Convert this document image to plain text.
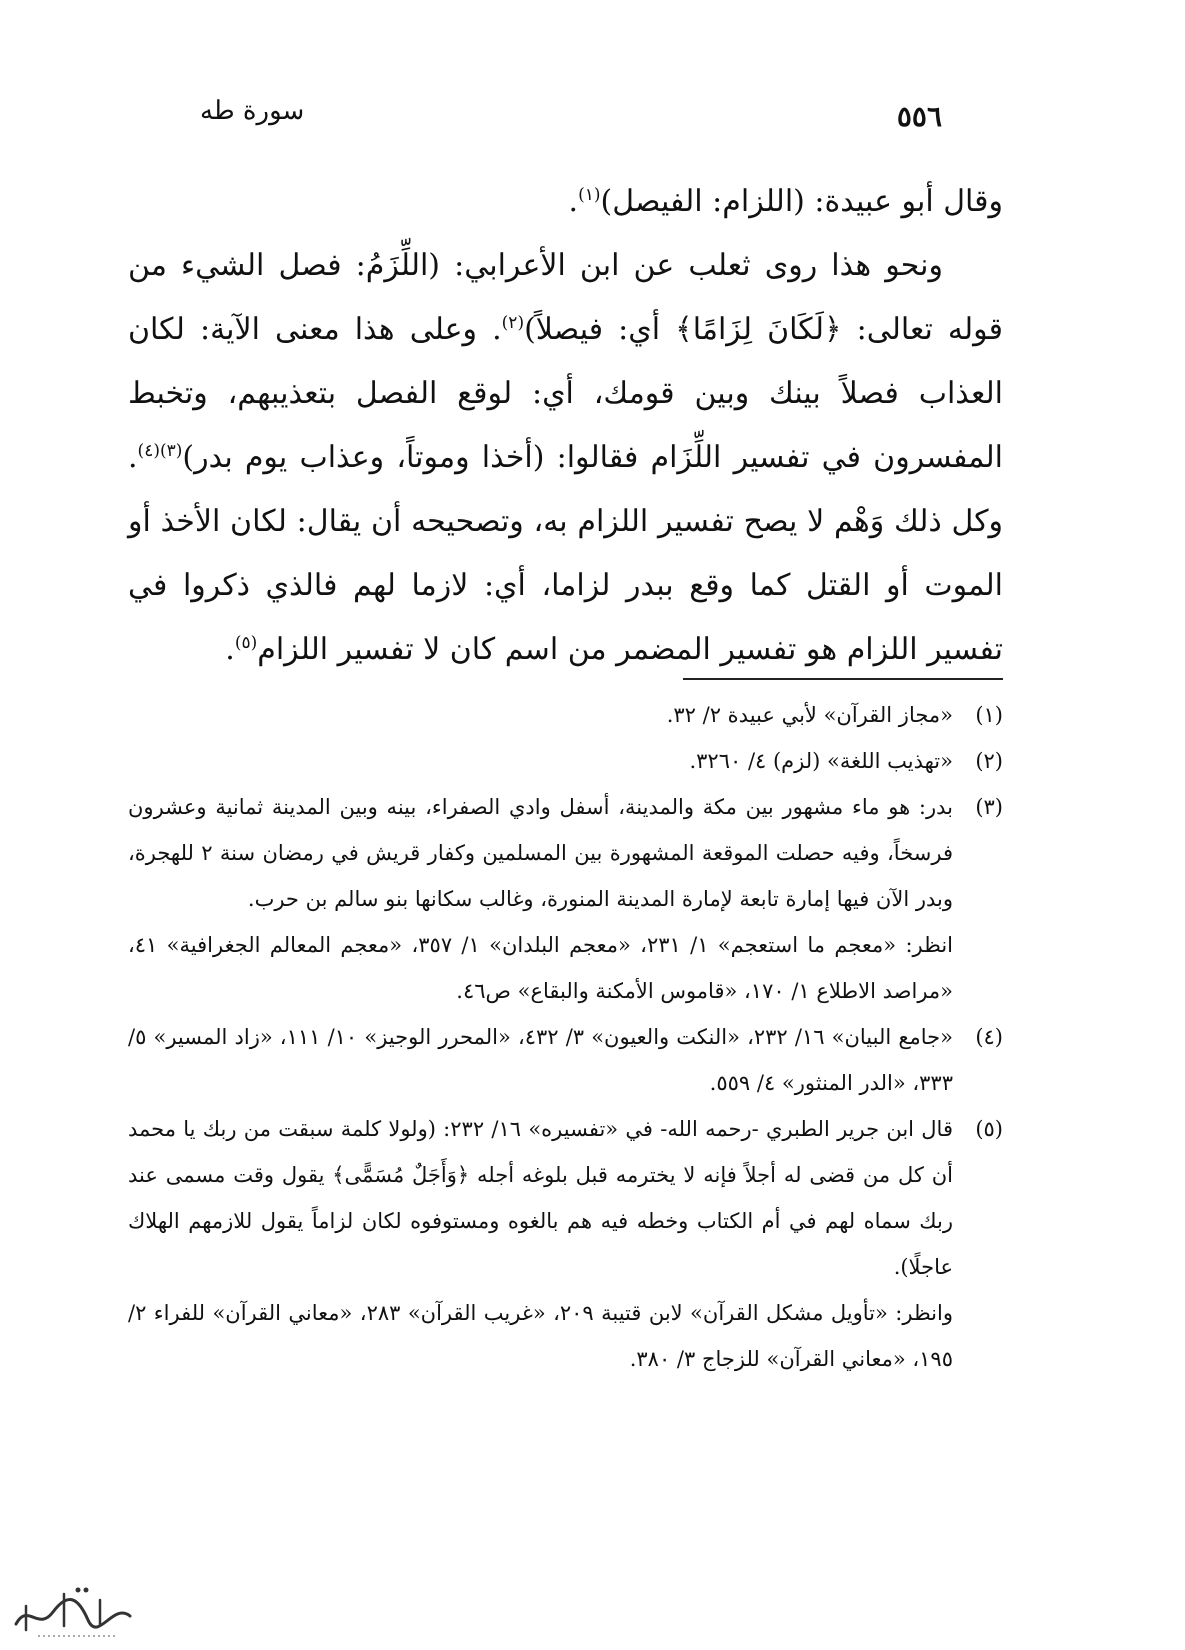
٥٥٦
سورة طه

وقال أبو عبيدة: (اللزام: الفيصل)$^{(١)}$.

ونحو هذا روى ثعلب عن ابن الأعرابي: (اللِّزَمُ: فصل الشيء من قوله تعالى: ﴿لَكَانَ لِزَامًا﴾ أي: فيصلاً)$^{(٢)}$. وعلى هذا معنى الآية: لكان العذاب فصلاً بينك وبين قومك، أي: لوقع الفصل بتعذيبهم، وتخبط المفسرون في تفسير اللِّزَام فقالوا: (أخذا وموتاً، وعذاب يوم بدر)$^{(٣)(٤)}$. وكل ذلك وَهْم لا يصح تفسير اللزام به، وتصحيحه أن يقال: لكان الأخذ أو الموت أو القتل كما وقع ببدر لزاما، أي: لازما لهم فالذي ذكروا في تفسير اللزام هو تفسير المضمر من اسم كان لا تفسير اللزام$^{(٥)}$.

(١)

«مجاز القرآن» لأبي عبيدة ٢/ ٣٢.

(٢)

«تهذيب اللغة» (لزم) ٤/ ٣٢٦٠.

(٣)

بدر: هو ماء مشهور بين مكة والمدينة، أسفل وادي الصفراء، بينه وبين المدينة ثمانية وعشرون فرسخاً، وفيه حصلت الموقعة المشهورة بين المسلمين وكفار قريش في رمضان سنة ٢ للهجرة، وبدر الآن فيها إمارة تابعة لإمارة المدينة المنورة، وغالب سكانها بنو سالم بن حرب.

انظر: «معجم ما استعجم» ١/ ٢٣١، «معجم البلدان» ١/ ٣٥٧، «معجم المعالم الجغرافية» ٤١، «مراصد الاطلاع ١/ ١٧٠، «قاموس الأمكنة والبقاع» ص٤٦.

(٤)

«جامع البيان» ١٦/ ٢٣٢، «النكت والعيون» ٣/ ٤٣٢، «المحرر الوجيز» ١٠/ ١١١، «زاد المسير» ٥/ ٣٣٣، «الدر المنثور» ٤/ ٥٥٩.

(٥)

قال ابن جرير الطبري -رحمه الله- في «تفسيره» ١٦/ ٢٣٢: (ولولا كلمة سبقت من ربك يا محمد أن كل من قضى له أجلاً فإنه لا يخترمه قبل بلوغه أجله ﴿وَأَجَلٌ مُسَمًّى﴾ يقول وقت مسمى عند ربك سماه لهم في أم الكتاب وخطه فيه هم بالغوه ومستوفوه لكان لزاماً يقول للازمهم الهلاك عاجلًا).

وانظر: «تأويل مشكل القرآن» لابن قتيبة ٢٠٩، «غريب القرآن» ٢٨٣، «معاني القرآن» للفراء ٢/ ١٩٥، «معاني القرآن» للزجاج ٣/ ٣٨٠.
